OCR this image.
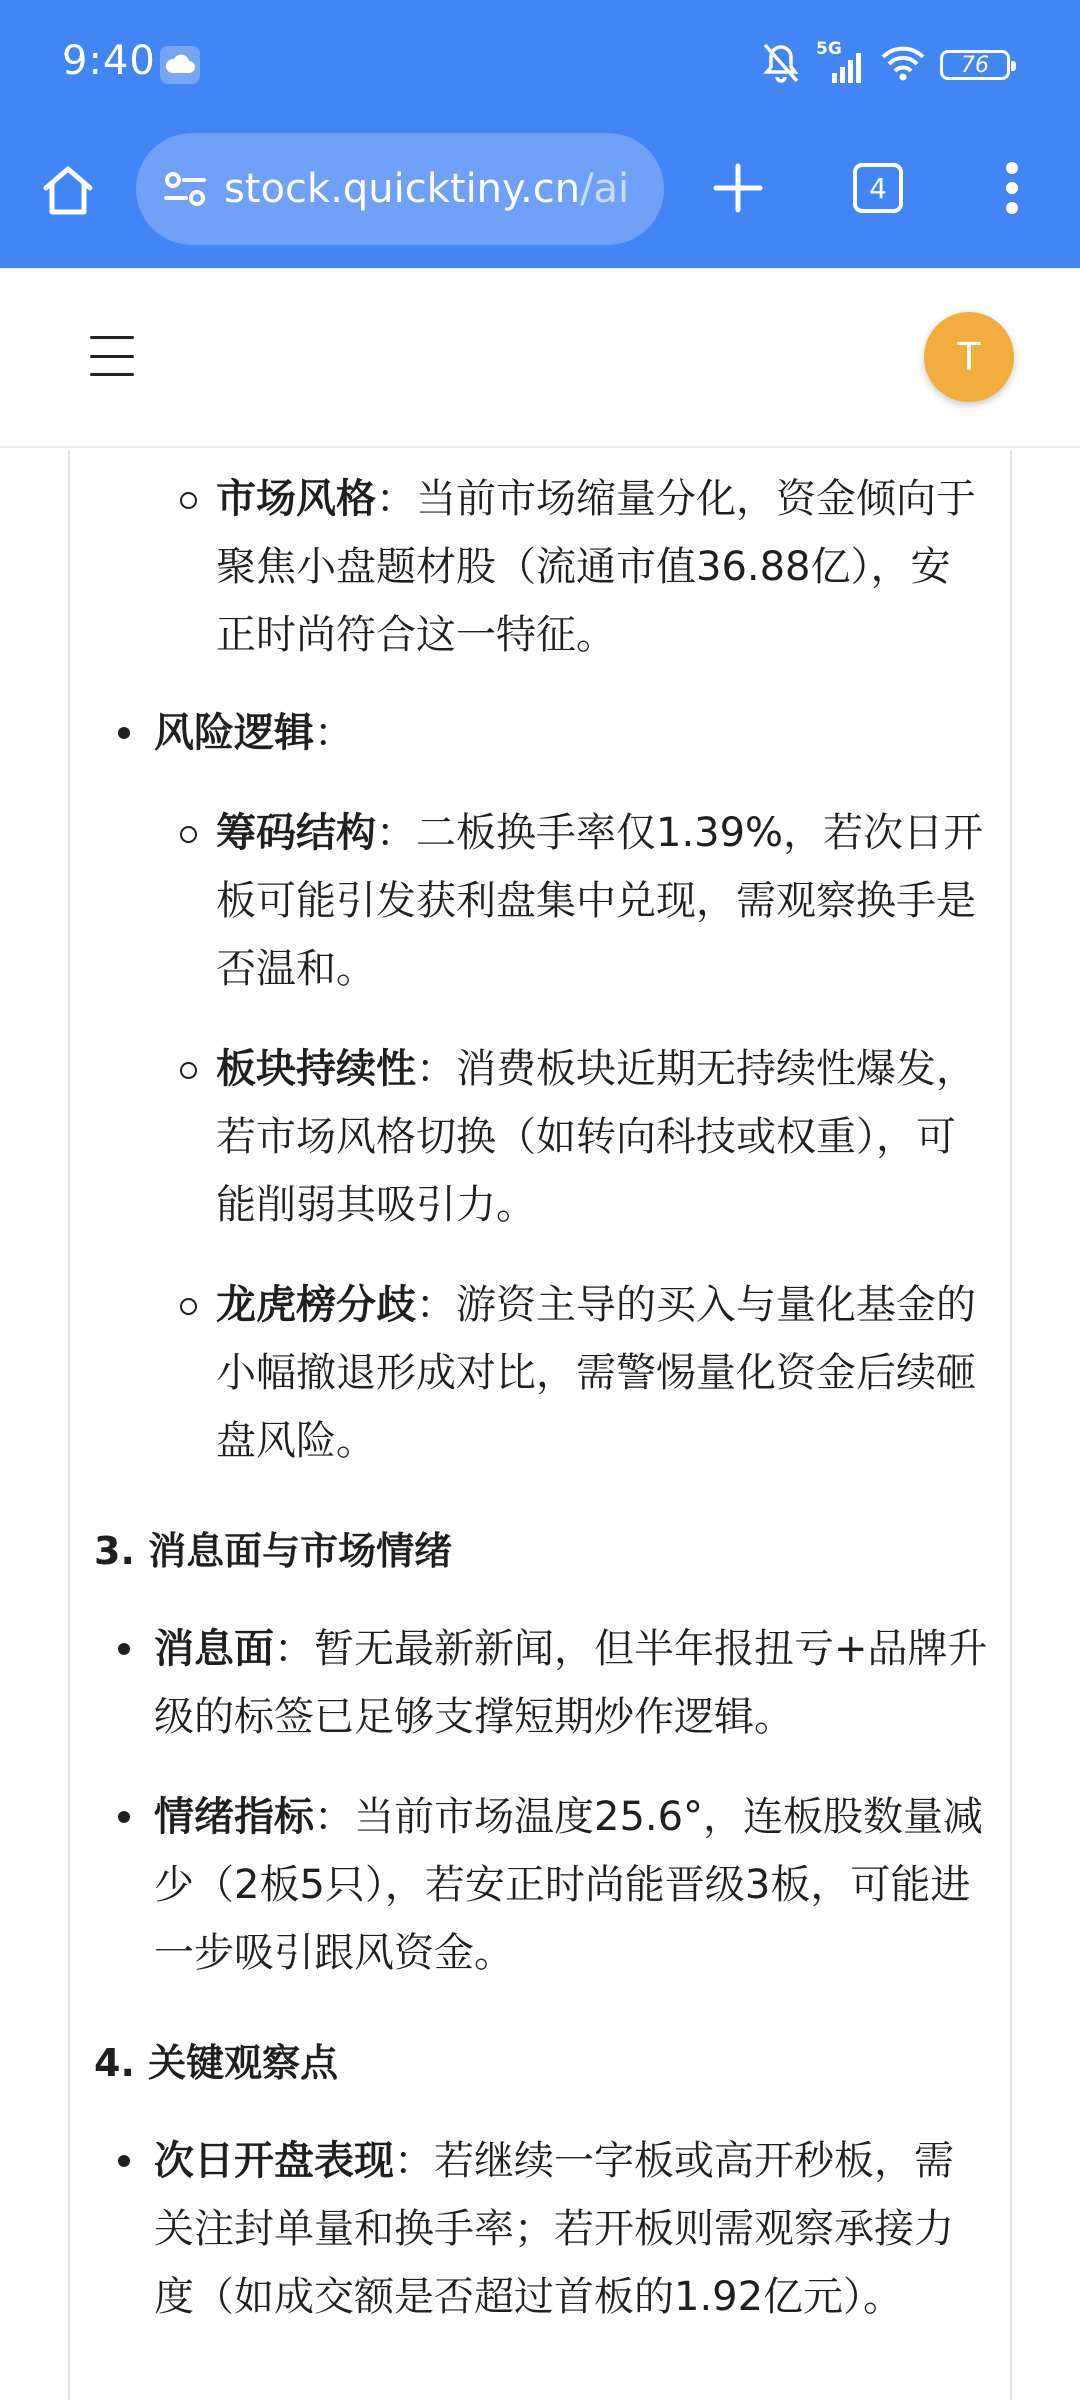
9:40	5G
76
stock.quicktiny.cn/ai	4
T
市场风格：当前市场缩量分化，资金倾向于聚焦小盘题材股（流通市值36.88亿），安正时尚符合这一特征。
风险逻辑：
筹码结构：二板换手率仅1.39%，若次日开板可能引发获利盘集中兑现，需观察换手是否温和。
板块持续性：消费板块近期无持续性爆发，若市场风格切换（如转向科技或权重），可能削弱其吸引力。
龙虎榜分歧：游资主导的买入与量化基金的小幅撤退形成对比，需警惕量化资金后续砸盘风险。
3. 消息面与市场情绪
消息面：暂无最新新闻，但半年报扭亏+品牌升级的标签已足够支撑短期炒作逻辑。
情绪指标：当前市场温度25.6°，连板股数量减少（2板5只），若安正时尚能晋级3板，可能进一步吸引跟风资金。
4. 关键观察点
次日开盘表现：若继续一字板或高开秒板，需关注封单量和换手率；若开板则需观察承接力度（如成交额是否超过首板的1.92亿元）。
